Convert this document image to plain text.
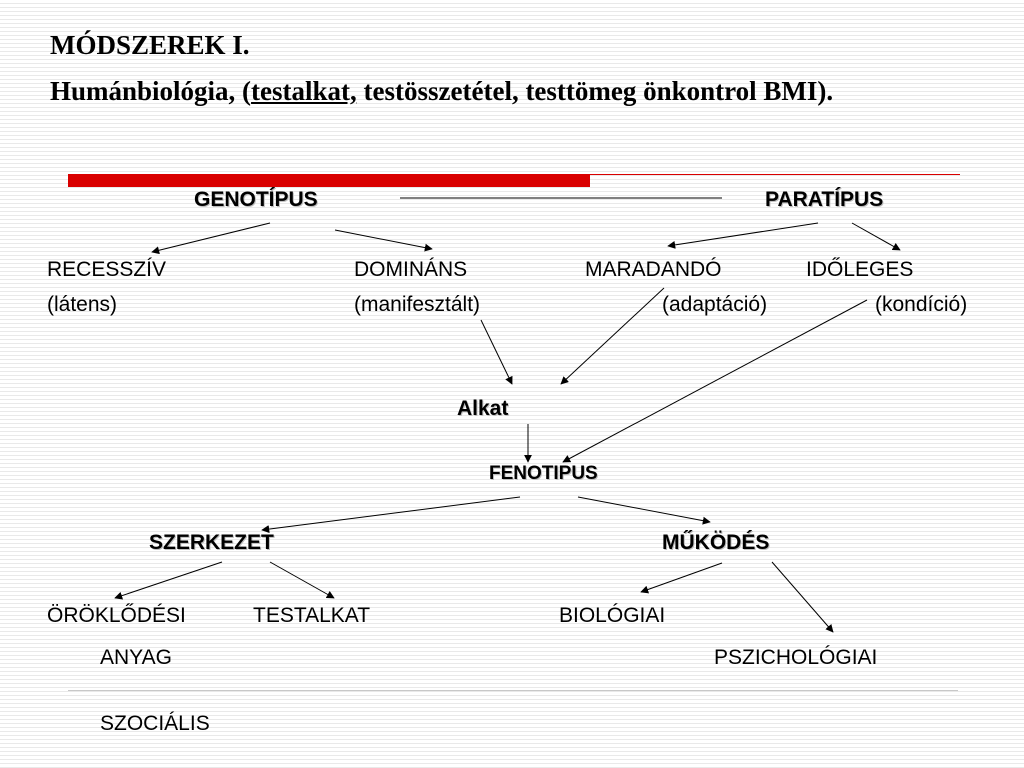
MÓDSZEREK I.
Humánbiológia, (testalkat, testösszetétel, testtömeg önkontrol BMI).
GENOTÍPUS	PARATÍPUS
RECESSZÍV
(látens)
DOMINÁNS
(manifesztált)
MARADANDÓ
(adaptáció)
IDŐLEGES
(kondíció)
Alkat
FENOTIPUS
SZERKEZET	MŰKÖDÉS
ÖRÖKLŐDÉSI
ANYAG
TESTALKAT
SZOCIÁLIS
BIOLÓGIAI
PSZICHOLÓGIAI
